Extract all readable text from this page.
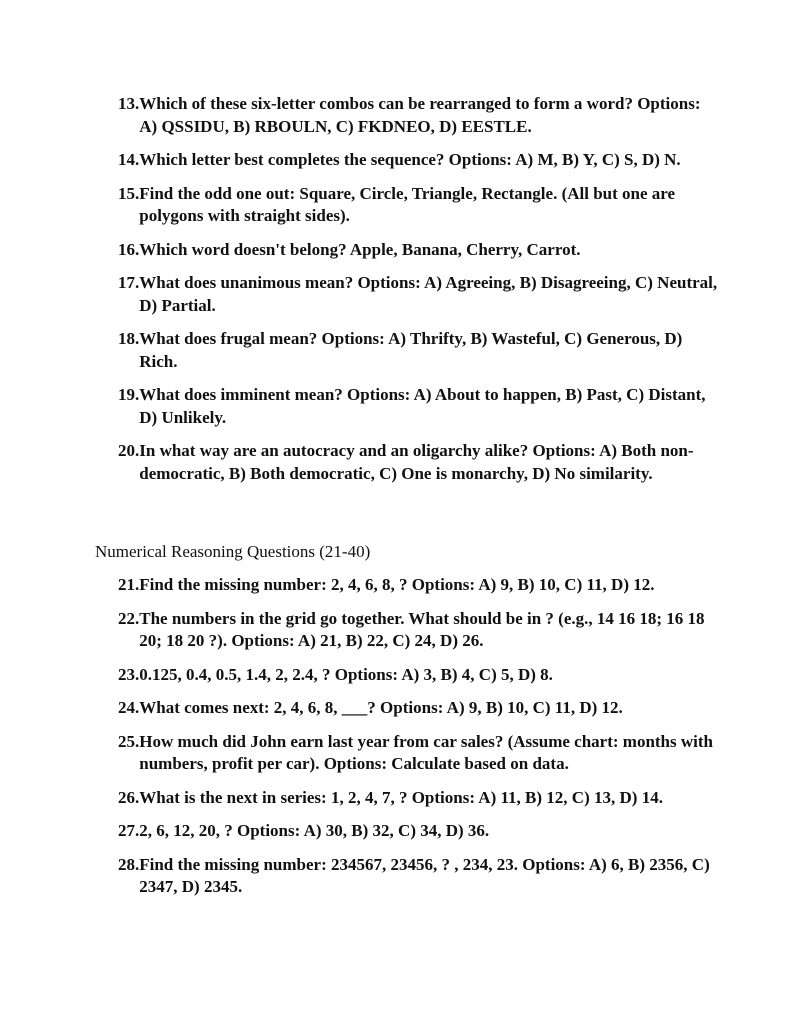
13. Which of these six-letter combos can be rearranged to form a word? Options: A) QSSIDU, B) RBOULN, C) FKDNEO, D) EESTLE.
14. Which letter best completes the sequence? Options: A) M, B) Y, C) S, D) N.
15. Find the odd one out: Square, Circle, Triangle, Rectangle. (All but one are polygons with straight sides).
16. Which word doesn't belong? Apple, Banana, Cherry, Carrot.
17. What does unanimous mean? Options: A) Agreeing, B) Disagreeing, C) Neutral, D) Partial.
18. What does frugal mean? Options: A) Thrifty, B) Wasteful, C) Generous, D) Rich.
19. What does imminent mean? Options: A) About to happen, B) Past, C) Distant, D) Unlikely.
20. In what way are an autocracy and an oligarchy alike? Options: A) Both non-democratic, B) Both democratic, C) One is monarchy, D) No similarity.
Numerical Reasoning Questions (21-40)
21. Find the missing number: 2, 4, 6, 8, ? Options: A) 9, B) 10, C) 11, D) 12.
22. The numbers in the grid go together. What should be in ? (e.g., 14 16 18; 16 18 20; 18 20 ?). Options: A) 21, B) 22, C) 24, D) 26.
23. 0.125, 0.4, 0.5, 1.4, 2, 2.4, ? Options: A) 3, B) 4, C) 5, D) 8.
24. What comes next: 2, 4, 6, 8, ___? Options: A) 9, B) 10, C) 11, D) 12.
25. How much did John earn last year from car sales? (Assume chart: months with numbers, profit per car). Options: Calculate based on data.
26. What is the next in series: 1, 2, 4, 7, ? Options: A) 11, B) 12, C) 13, D) 14.
27. 2, 6, 12, 20, ? Options: A) 30, B) 32, C) 34, D) 36.
28. Find the missing number: 234567, 23456, ? , 234, 23. Options: A) 6, B) 2356, C) 2347, D) 2345.
